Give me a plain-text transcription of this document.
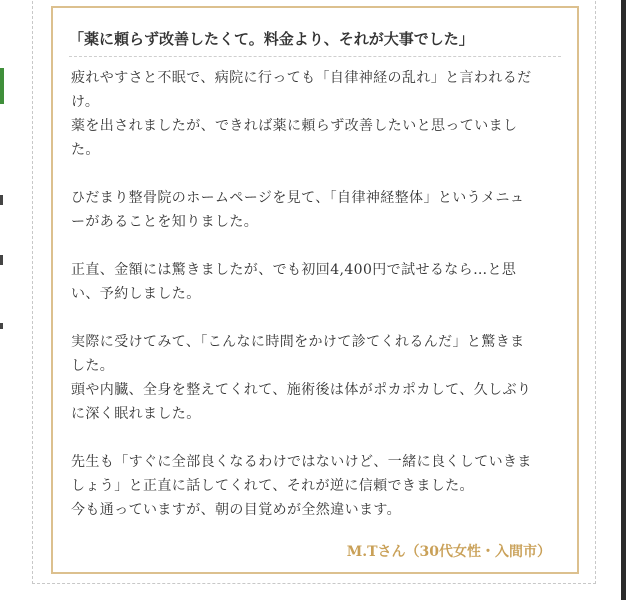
「薬に頼らず改善したくて。料金より、それが大事でした」

疲れやすさと不眠で、病院に行っても「自律神経の乱れ」と言われるだ
け。
薬を出されましたが、できれば薬に頼らず改善したいと思っていまし
た。

ひだまり整骨院のホームページを見て、「自律神経整体」というメニュ
ーがあることを知りました。

正直、金額には驚きましたが、でも初回4,400円で試せるなら…と思
い、予約しました。

実際に受けてみて、「こんなに時間をかけて診てくれるんだ」と驚きま
した。
頭や内臓、全身を整えてくれて、施術後は体がポカポカして、久しぶり
に深く眠れました。

先生も「すぐに全部良くなるわけではないけど、一緒に良くしていきま
しょう」と正直に話してくれて、それが逆に信頼できました。
今も通っていますが、朝の目覚めが全然違います。

M.Tさん（30代女性・入間市）
